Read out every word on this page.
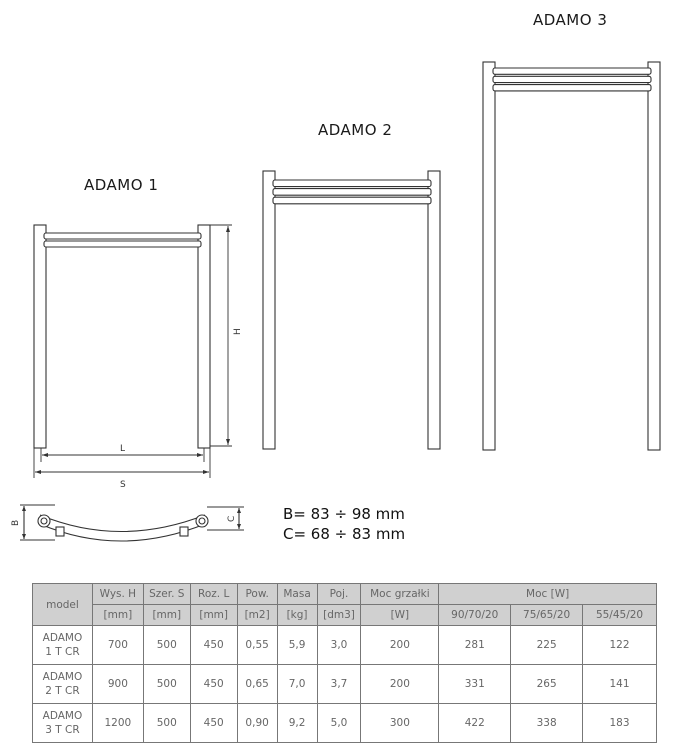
ADAMO 1
ADAMO 2
ADAMO 3
H
L
S
B
C	B= 83 ÷ 98 mm
C= 68 ÷ 83 mm
model	Wys. H	Szer. S	Roz. L	Pow.	Masa	Poj.	Moc grzałki	Moc [W]		
	[mm]	[mm]	[mm]	[m2]	[kg]	[dm3]	[W]	90/70/20	75/65/20	55/45/20
ADAMO
1 T CR	700	500	450	0,55	5,9	3,0	200	281	225	122
ADAMO
2 T CR	900	500	450	0,65	7,0	3,7	200	331	265	141
ADAMO
3 T CR	1200	500	450	0,90	9,2	5,0	300	422	338	183
